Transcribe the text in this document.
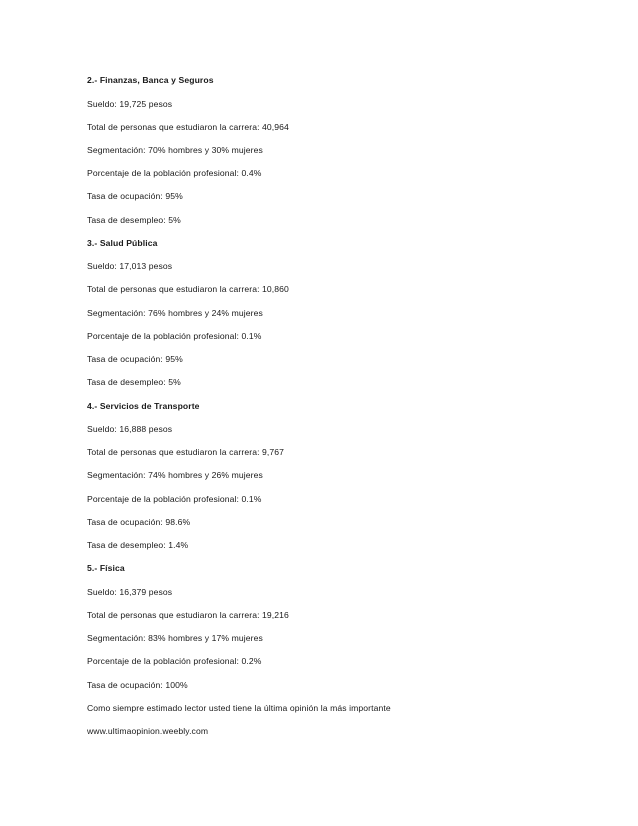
2.- Finanzas, Banca y Seguros
Sueldo: 19,725 pesos
Total de personas que estudiaron la carrera: 40,964
Segmentación: 70% hombres y 30% mujeres
Porcentaje de la población profesional: 0.4%
Tasa de ocupación: 95%
Tasa de desempleo: 5%
3.- Salud Pública
Sueldo: 17,013 pesos
Total de personas que estudiaron la carrera: 10,860
Segmentación: 76% hombres y 24% mujeres
Porcentaje de la población profesional: 0.1%
Tasa de ocupación: 95%
Tasa de desempleo: 5%
4.- Servicios de Transporte
Sueldo: 16,888 pesos
Total de personas que estudiaron la carrera: 9,767
Segmentación: 74% hombres y 26% mujeres
Porcentaje de la población profesional: 0.1%
Tasa de ocupación: 98.6%
Tasa de desempleo: 1.4%
5.- Física
Sueldo: 16,379 pesos
Total de personas que estudiaron la carrera: 19,216
Segmentación: 83% hombres y 17% mujeres
Porcentaje de la población profesional: 0.2%
Tasa de ocupación: 100%
Como siempre estimado lector usted tiene la última opinión la más importante
www.ultimaopinion.weebly.com
